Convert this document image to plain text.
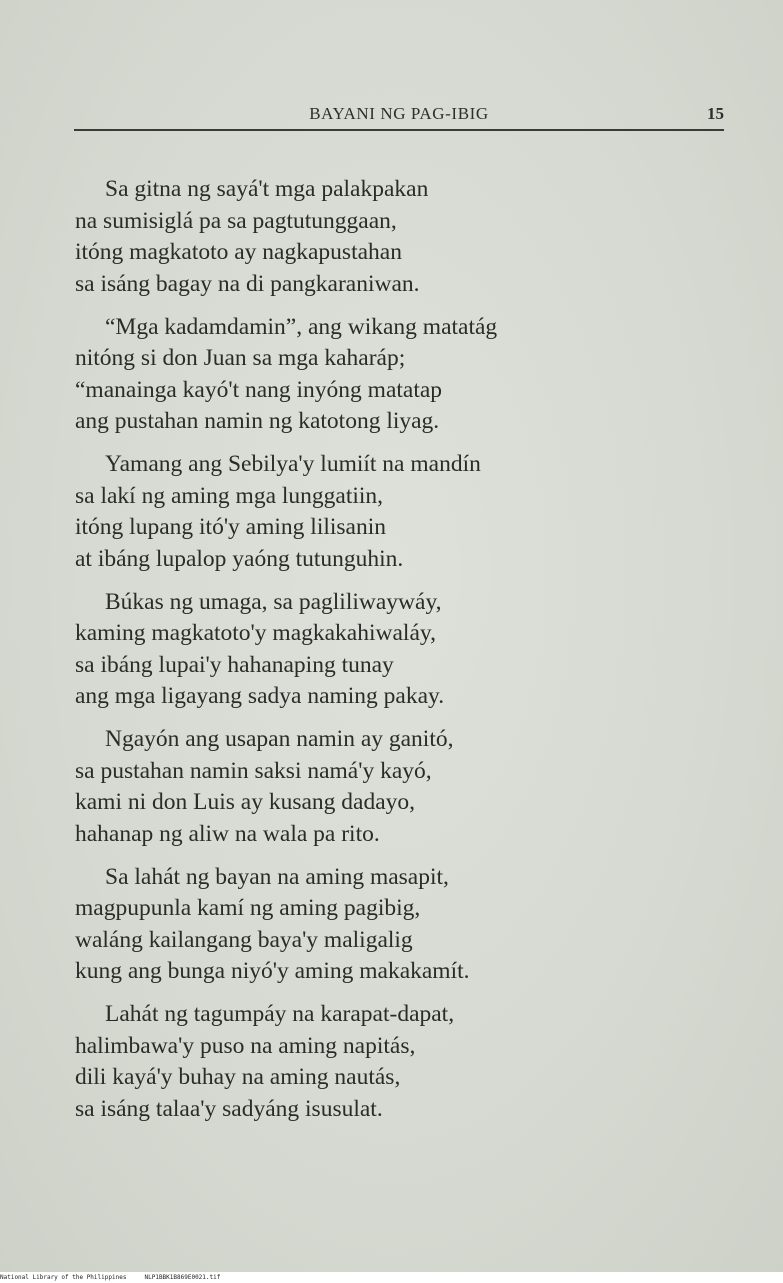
BAYANI NG PAG-IBIG	15
Sa gitna ng sayá't mga palakpakan
na sumisiglá pa sa pagtutunggaan,
itóng magkatoto ay nagkapustahan
sa isáng bagay na di pangkaraniwan.
“Mga kadamdamin”, ang wikang matatág
nitóng si don Juan sa mga kaharáp;
“manainga kayó't nang inyóng matatap
ang pustahan namin ng katotong liyag.
Yamang ang Sebilya'y lumiít na mandín
sa lakí ng aming mga lunggatiin,
itóng lupang itó'y aming lilisanin
at ibáng lupalop yaóng tutunguhin.
Búkas ng umaga, sa pagliliwaywáy,
kaming magkatoto'y magkakahiwaláy,
sa ibáng lupai'y hahanaping tunay
ang mga ligayang sadya naming pakay.
Ngayón ang usapan namin ay ganitó,
sa pustahan namin saksi namá'y kayó,
kami ni don Luis ay kusang dadayo,
hahanap ng aliw na wala pa rito.
Sa lahát ng bayan na aming masapit,
magpupunla kamí ng aming pagibig,
waláng kailangang baya'y maligalig
kung ang bunga niyó'y aming makakamít.
Lahát ng tagumpáy na karapat-dapat,
halimbawa'y puso na aming napitás,
dili kayá'y buhay na aming nautás,
sa isáng talaa'y sadyáng isusulat.
National Library of the Philippines     NLP1BBK1B869E0021.tif
